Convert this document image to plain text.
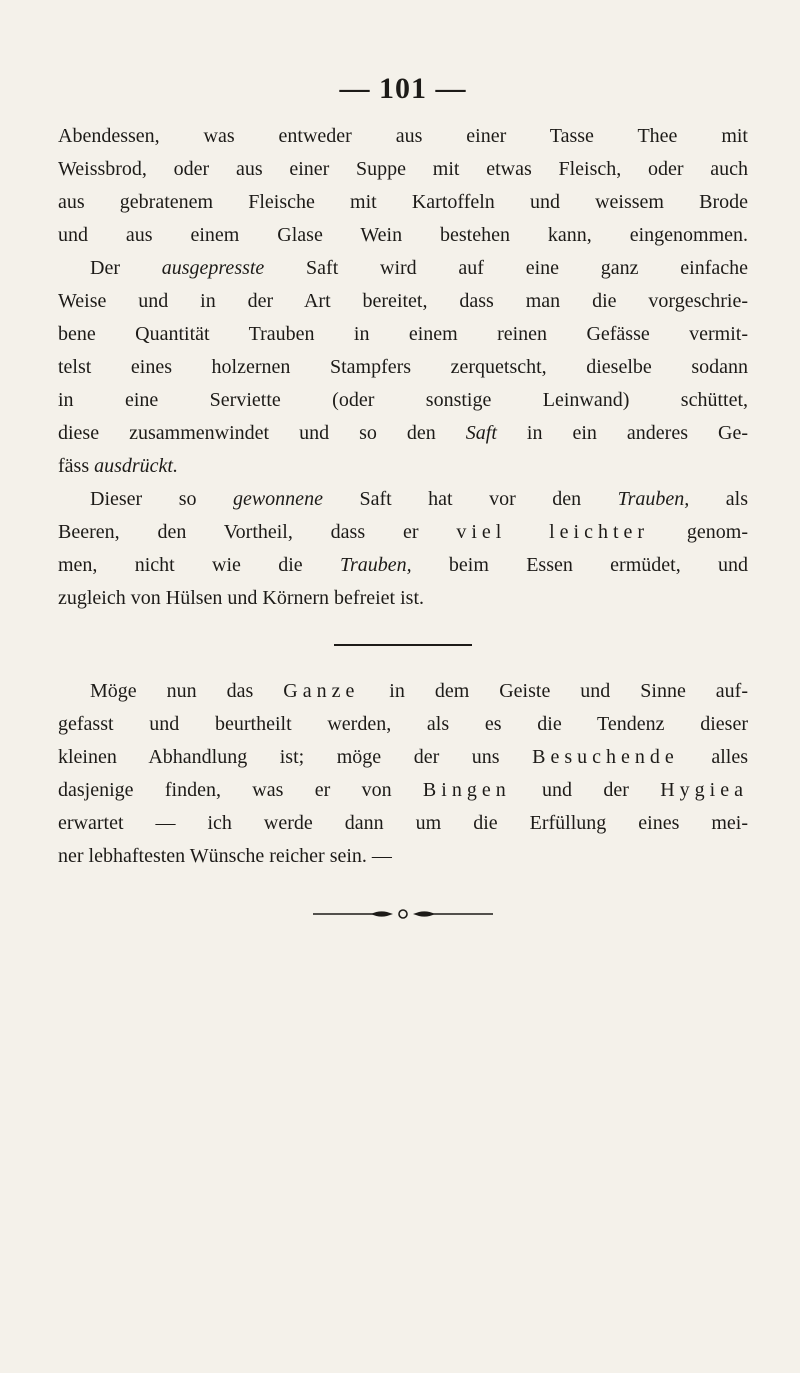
— 101 —
Abendessen, was entweder aus einer Tasse Thee mit
Weissbrod, oder aus einer Suppe mit etwas Fleisch, oder auch
aus gebratenem Fleische mit Kartoffeln und weissem Brode
und aus einem Glase Wein bestehen kann, eingenommen.
Der ausgepresste Saft wird auf eine ganz einfache
Weise und in der Art bereitet, dass man die vorgeschrie-
bene Quantität Trauben in einem reinen Gefässe vermit-
telst eines holzernen Stampfers zerquetscht, dieselbe sodann
in eine Serviette (oder sonstige Leinwand) schüttet,
diese zusammenwindet und so den Saft in ein anderes Ge-
fäss ausdrückt.
Dieser so gewonnene Saft hat vor den Trauben, als
Beeren, den Vortheil, dass er viel leichter genom-
men, nicht wie die Trauben, beim Essen ermüdet, und
zugleich von Hülsen und Körnern befreiet ist.
Möge nun das Ganze in dem Geiste und Sinne auf-
gefasst und beurtheilt werden, als es die Tendenz dieser
kleinen Abhandlung ist; möge der uns Besuchende alles
dasjenige finden, was er von Bingen und der Hygiea
erwartet — ich werde dann um die Erfüllung eines mei-
ner lebhaftesten Wünsche reicher sein. —
